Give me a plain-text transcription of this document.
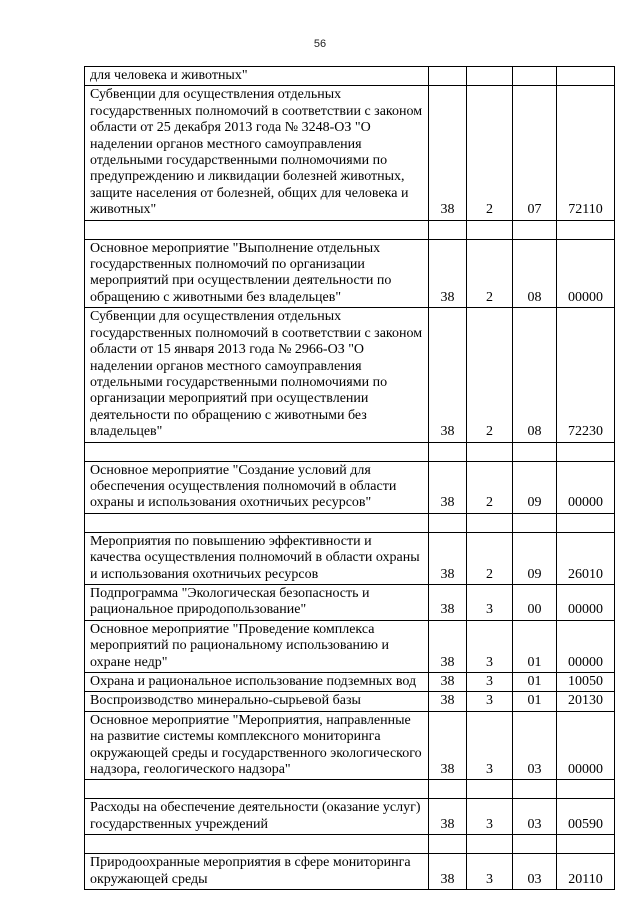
56
для человека и животных"				
Субвенции для осуществления отдельных государственных полномочий в соответствии с законом области от 25 декабря 2013 года № 3248-ОЗ "О наделении органов местного самоуправления отдельными государственными полномочиями по предупреждению и ликвидации болезней животных, защите населения от болезней, общих для человека и животных"	38	2	07	72110

Основное мероприятие "Выполнение отдельных государственных полномочий по организации мероприятий при осуществлении деятельности по обращению с животными без владельцев"	38	2	08	00000
Субвенции для осуществления отдельных государственных полномочий в соответствии с законом области от 15 января 2013 года № 2966-ОЗ "О наделении органов местного самоуправления отдельными государственными полномочиями по организации мероприятий при осуществлении деятельности по обращению с животными без владельцев"	38	2	08	72230

Основное мероприятие "Создание условий для обеспечения осуществления полномочий в области охраны и использования охотничьих ресурсов"	38	2	09	00000

Мероприятия по повышению эффективности и качества осуществления полномочий в области охраны и использования охотничьих ресурсов	38	2	09	26010
Подпрограмма "Экологическая безопасность и рациональное природопользование"	38	3	00	00000
Основное мероприятие "Проведение комплекса мероприятий по рациональному использованию и охране недр"	38	3	01	00000
Охрана и рациональное использование подземных вод	38	3	01	10050
Воспроизводство минерально-сырьевой базы	38	3	01	20130
Основное мероприятие "Мероприятия, направленные на развитие системы комплексного мониторинга окружающей среды и государственного экологического надзора, геологического надзора"	38	3	03	00000

Расходы на обеспечение деятельности (оказание услуг) государственных учреждений	38	3	03	00590

Природоохранные мероприятия в сфере мониторинга окружающей среды	38	3	03	20110
